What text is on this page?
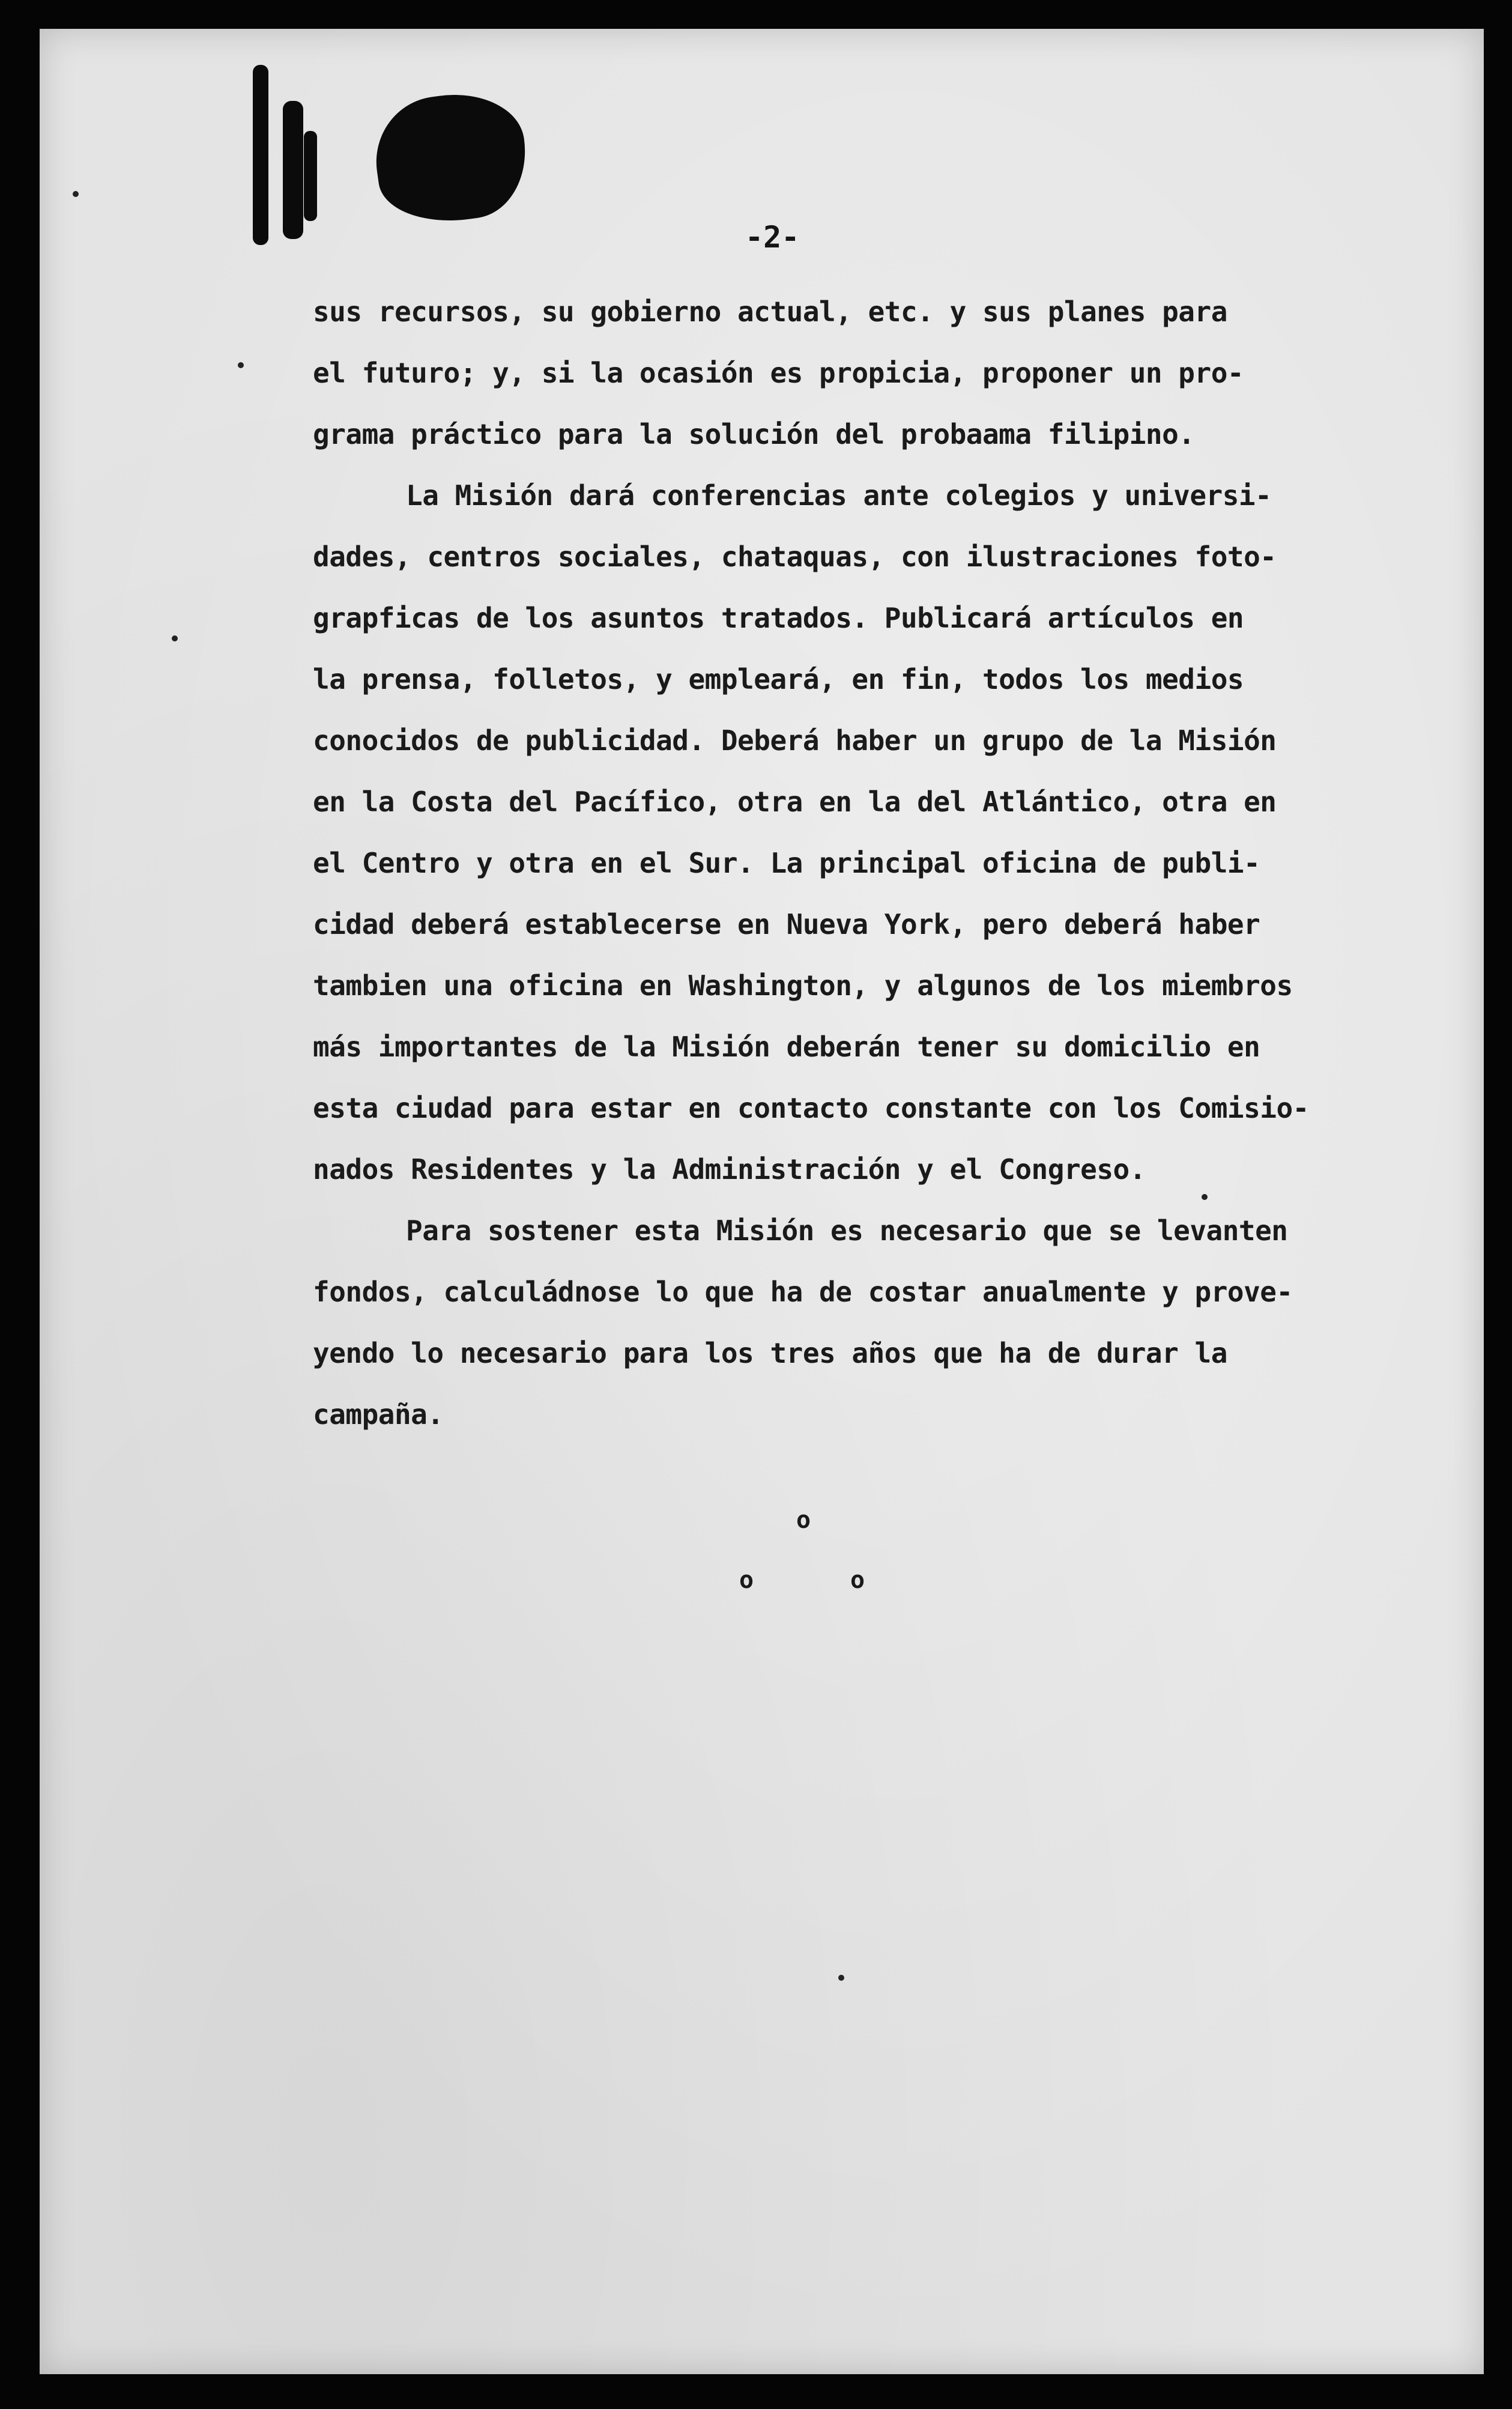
-2-
sus recursos, su gobierno actual, etc. y sus planes para
el futuro; y, si la ocasión es propicia, proponer un pro-
grama práctico para la solución del probaama filipino.
La Misión dará conferencias ante colegios y universi-
dades, centros sociales, chataquas, con ilustraciones foto-
grapficas de los asuntos tratados. Publicará artículos en
la prensa, folletos, y empleará, en fin, todos los medios
conocidos de publicidad. Deberá haber un grupo de la Misión
en la Costa del Pacífico, otra en la del Atlántico, otra en
el Centro y otra en el Sur. La principal oficina de publi-
cidad deberá establecerse en Nueva York, pero deberá haber
tambien una oficina en Washington, y algunos de los miembros
más importantes de la Misión deberán tener su domicilio en
esta ciudad para estar en contacto constante con los Comisio-
nados Residentes y la Administración y el Congreso.
Para sostener esta Misión es necesario que se levanten
fondos, calculádnose lo que ha de costar anualmente y prove-
yendo lo necesario para los tres años que ha de durar la
campaña.
o
o	o
